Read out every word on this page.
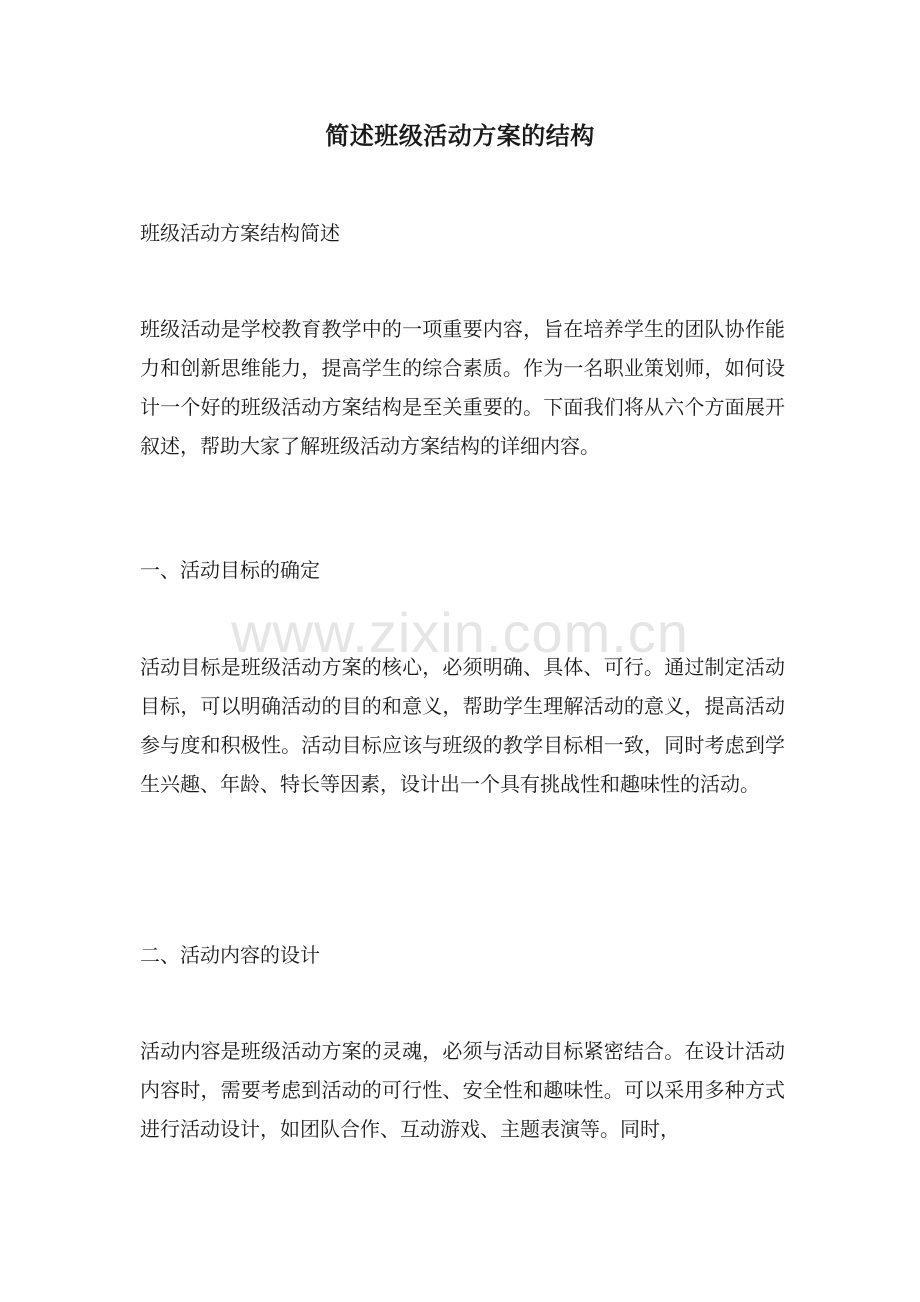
简述班级活动方案的结构
班级活动方案结构简述
班级活动是学校教育教学中的一项重要内容，旨在培养学生的团队协作能力和创新思维能力，提高学生的综合素质。作为一名职业策划师，如何设计一个好的班级活动方案结构是至关重要的。下面我们将从六个方面展开叙述，帮助大家了解班级活动方案结构的详细内容。
一、活动目标的确定
活动目标是班级活动方案的核心，必须明确、具体、可行。通过制定活动目标，可以明确活动的目的和意义，帮助学生理解活动的意义，提高活动参与度和积极性。活动目标应该与班级的教学目标相一致，同时考虑到学生兴趣、年龄、特长等因素，设计出一个具有挑战性和趣味性的活动。
二、活动内容的设计
活动内容是班级活动方案的灵魂，必须与活动目标紧密结合。在设计活动内容时，需要考虑到活动的可行性、安全性和趣味性。可以采用多种方式进行活动设计，如团队合作、互动游戏、主题表演等。同时，
www.zixin.com.cn
